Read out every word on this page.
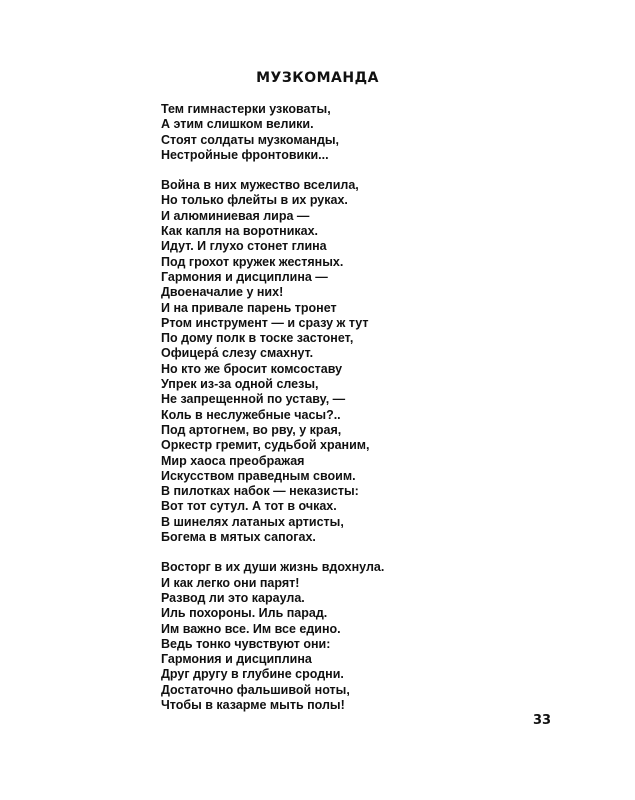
МУЗКОМАНДА
Тем гимнастерки узковаты,
А этим слишком велики.
Стоят солдаты музкоманды,
Нестройные фронтовики...
Война в них мужество вселила,
Но только флейты в их руках.
И алюминиевая лира —
Как капля на воротниках.
Идут. И глухо стонет глина
Под грохот кружек жестяных.
Гармония и дисциплина —
Двоеначалие у них!
И на привале парень тронет
Ртом инструмент — и сразу ж тут
По дому полк в тоске застонет,
Офицера́ слезу смахнут.
Но кто же бросит комсоставу
Упрек из-за одной слезы,
Не запрещенной по уставу, —
Коль в неслужебные часы?..
Под артогнем, во рву, у края,
Оркестр гремит, судьбой храним,
Мир хаоса преображая
Искусством праведным своим.
В пилотках набок — неказисты:
Вот тот сутул. А тот в очках.
В шинелях латаных артисты,
Богема в мятых сапогах.
Восторг в их души жизнь вдохнула.
И как легко они парят!
Развод ли это караула.
Иль похороны. Иль парад.
Им важно все. Им все едино.
Ведь тонко чувствуют они:
Гармония и дисциплина
Друг другу в глубине сродни.
Достаточно фальшивой ноты,
Чтобы в казарме мыть полы!
33
